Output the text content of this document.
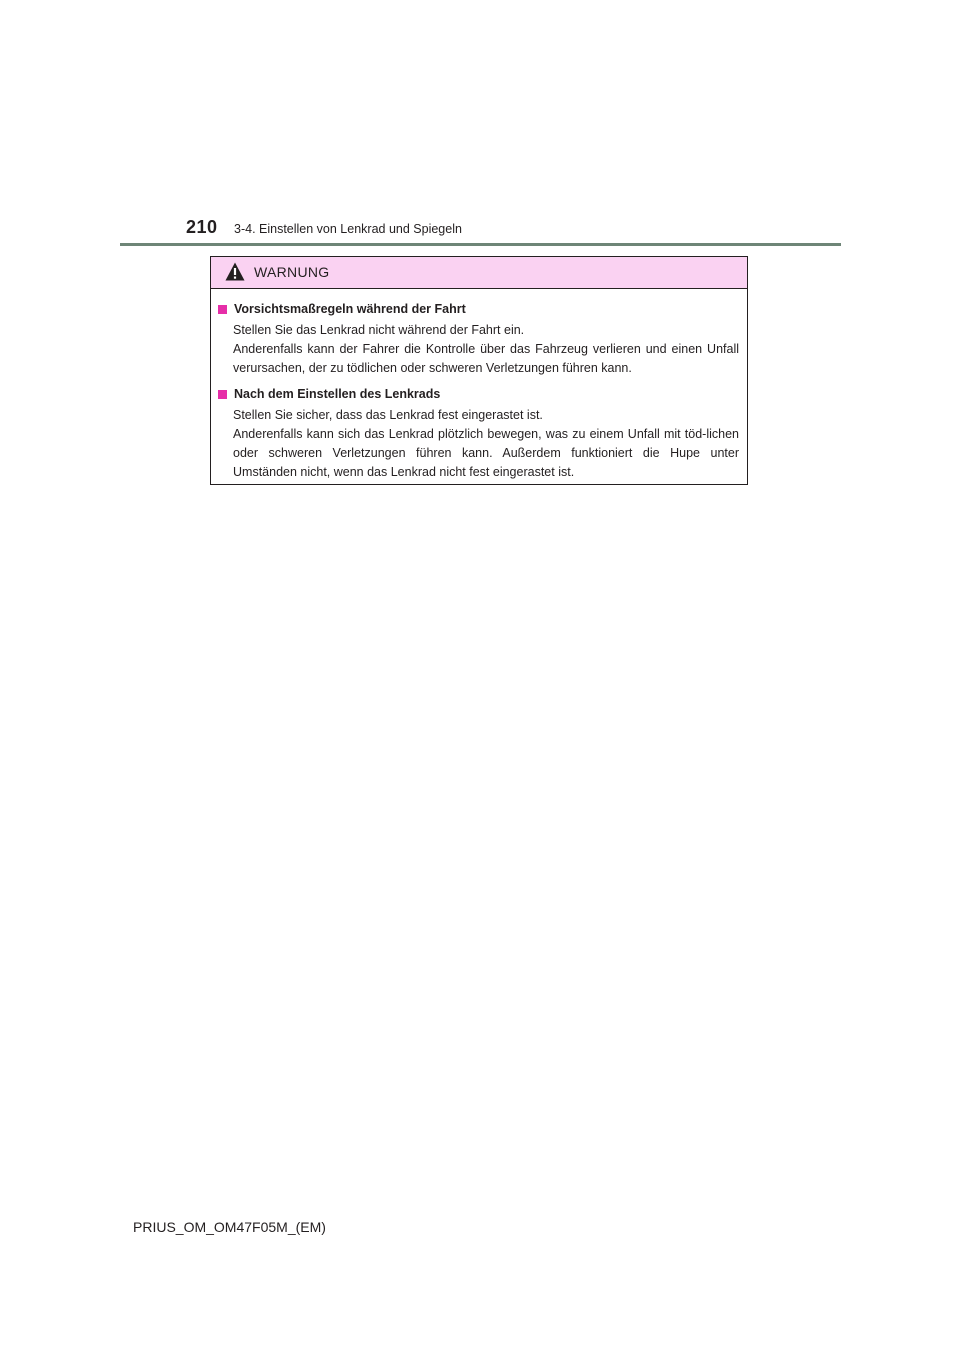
210 3-4. Einstellen von Lenkrad und Spiegeln
WARNUNG
Vorsichtsmaßregeln während der Fahrt

Stellen Sie das Lenkrad nicht während der Fahrt ein.
Anderenfalls kann der Fahrer die Kontrolle über das Fahrzeug verlieren und einen Unfall verursachen, der zu tödlichen oder schweren Verletzungen führen kann.

Nach dem Einstellen des Lenkrads

Stellen Sie sicher, dass das Lenkrad fest eingerastet ist.
Anderenfalls kann sich das Lenkrad plötzlich bewegen, was zu einem Unfall mit töd-lichen oder schweren Verletzungen führen kann. Außerdem funktioniert die Hupe unter Umständen nicht, wenn das Lenkrad nicht fest eingerastet ist.

PRIUS_OM_OM47F05M_(EM)
